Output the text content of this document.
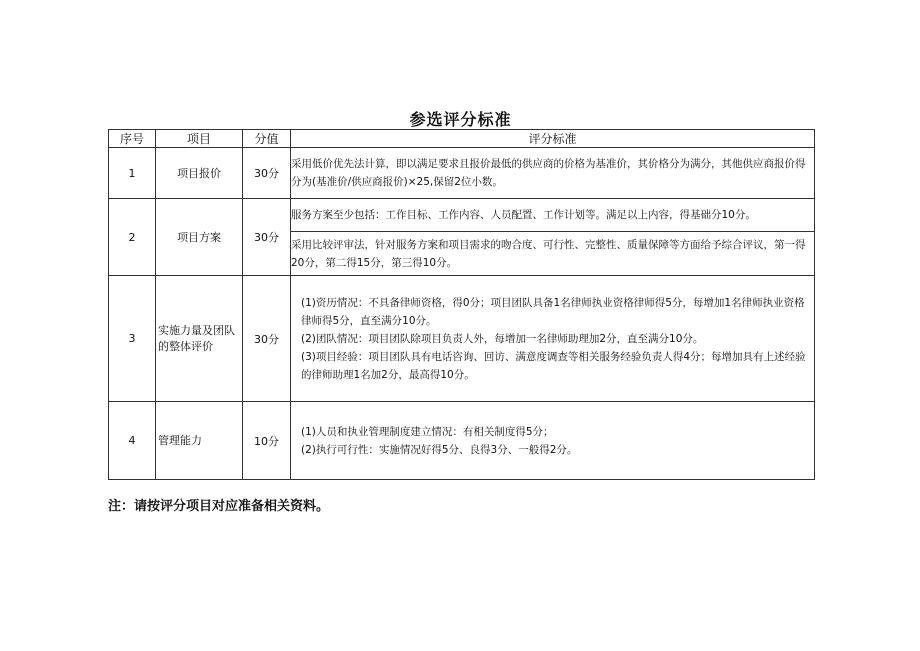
参选评分标准
序号	项目	分值	评分标准
1	项目报价	30分	采用低价优先法计算，即以满足要求且报价最低的供应商的价格为基准价，其价格分为满分，其他供应商报价得分为(基准价/供应商报价)×25,保留2位小数。

2	项目方案	30分	服务方案至少包括：工作目标、工作内容、人员配置、工作计划等。满足以上内容，得基础分10分。

			采用比较评审法，针对服务方案和项目需求的吻合度、可行性、完整性、质量保障等方面给予综合评议，第一得20分，第二得15分，第三得10分。

3	实施力量及团队的整体评价	30分	(1)资历情况：不具备律师资格，得0分；项目团队具备1名律师执业资格律师得5分，每增加1名律师执业资格律师得5分，直至满分10分。
(2)团队情况：项目团队除项目负责人外，每增加一名律师助理加2分，直至满分10分。
(3)项目经验：项目团队具有电话咨询、回访、满意度调查等相关服务经验负责人得4分；每增加具有上述经验的律师助理1名加2分，最高得10分。

4	管理能力	10分	(1)人员和执业管理制度建立情况：有相关制度得5分；
(2)执行可行性：实施情况好得5分、良得3分、一般得2分。
注：请按评分项目对应准备相关资料。
